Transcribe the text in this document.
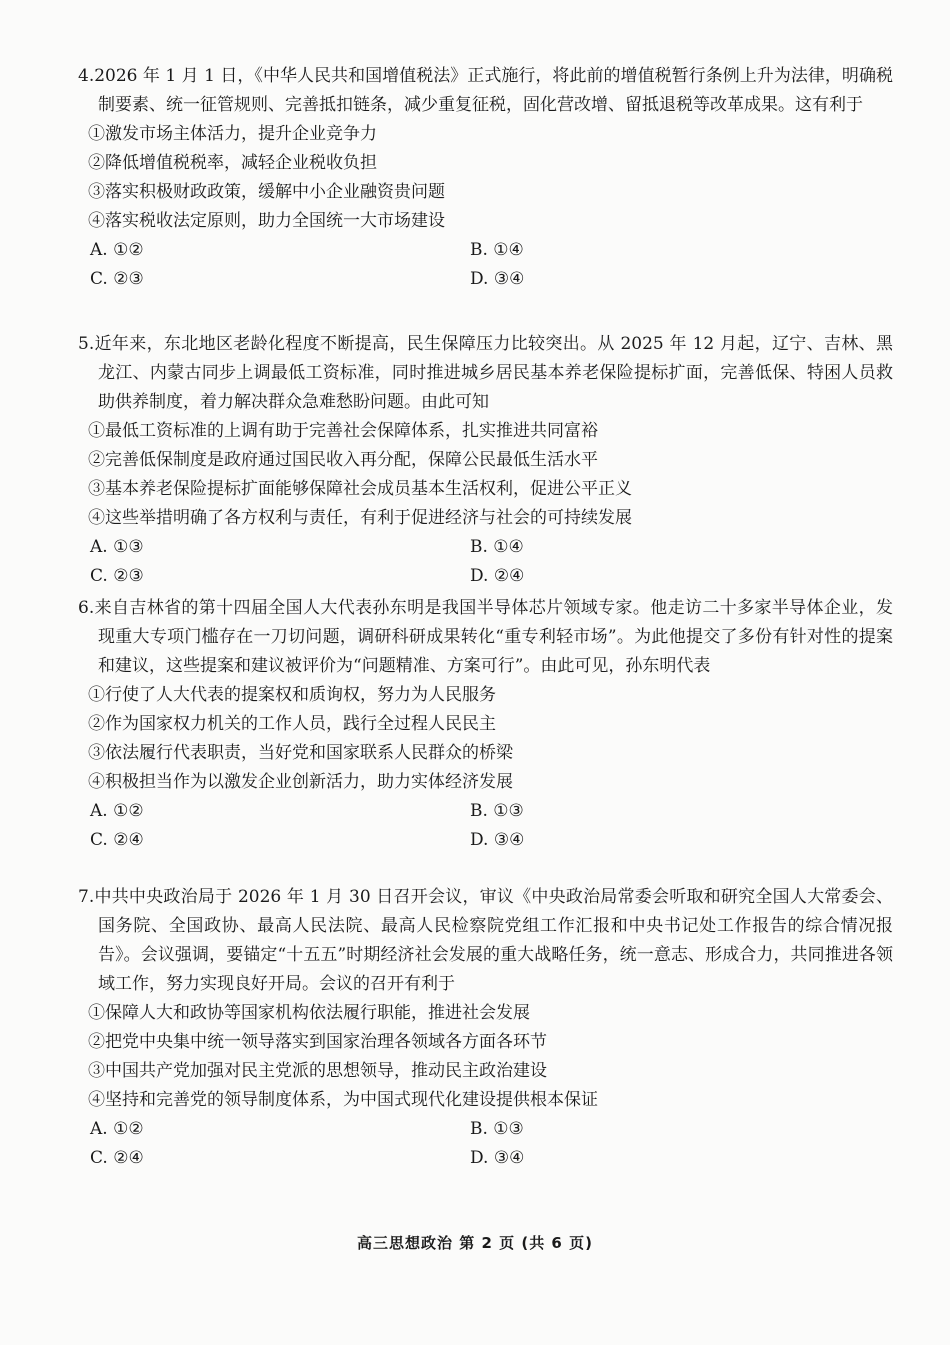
4.2026 年 1 月 1 日，《中华人民共和国增值税法》正式施行，将此前的增值税暂行条例上升为法律，明确税制要素、统一征管规则、完善抵扣链条，减少重复征税，固化营改增、留抵退税等改革成果。这有利于
①激发市场主体活力，提升企业竞争力
②降低增值税税率，减轻企业税收负担
③落实积极财政政策，缓解中小企业融资贵问题
④落实税收法定原则，助力全国统一大市场建设
A. ①②	B. ①④
C. ②③	D. ③④
5.近年来，东北地区老龄化程度不断提高，民生保障压力比较突出。从 2025 年 12 月起，辽宁、吉林、黑龙江、内蒙古同步上调最低工资标准，同时推进城乡居民基本养老保险提标扩面，完善低保、特困人员救助供养制度，着力解决群众急难愁盼问题。由此可知
①最低工资标准的上调有助于完善社会保障体系，扎实推进共同富裕
②完善低保制度是政府通过国民收入再分配，保障公民最低生活水平
③基本养老保险提标扩面能够保障社会成员基本生活权利，促进公平正义
④这些举措明确了各方权利与责任，有利于促进经济与社会的可持续发展
A. ①③	B. ①④
C. ②③	D. ②④
6.来自吉林省的第十四届全国人大代表孙东明是我国半导体芯片领域专家。他走访二十多家半导体企业，发现重大专项门槛存在一刀切问题，调研科研成果转化“重专利轻市场”。为此他提交了多份有针对性的提案和建议，这些提案和建议被评价为“问题精准、方案可行”。由此可见，孙东明代表
①行使了人大代表的提案权和质询权，努力为人民服务
②作为国家权力机关的工作人员，践行全过程人民民主
③依法履行代表职责，当好党和国家联系人民群众的桥梁
④积极担当作为以激发企业创新活力，助力实体经济发展
A. ①②	B. ①③
C. ②④	D. ③④
7.中共中央政治局于 2026 年 1 月 30 日召开会议，审议《中央政治局常委会听取和研究全国人大常委会、国务院、全国政协、最高人民法院、最高人民检察院党组工作汇报和中央书记处工作报告的综合情况报告》。会议强调，要锚定“十五五”时期经济社会发展的重大战略任务，统一意志、形成合力，共同推进各领域工作，努力实现良好开局。会议的召开有利于
①保障人大和政协等国家机构依法履行职能，推进社会发展
②把党中央集中统一领导落实到国家治理各领域各方面各环节
③中国共产党加强对民主党派的思想领导，推动民主政治建设
④坚持和完善党的领导制度体系，为中国式现代化建设提供根本保证
A. ①②	B. ①③
C. ②④	D. ③④
高三思想政治 第 2 页 (共 6 页)
